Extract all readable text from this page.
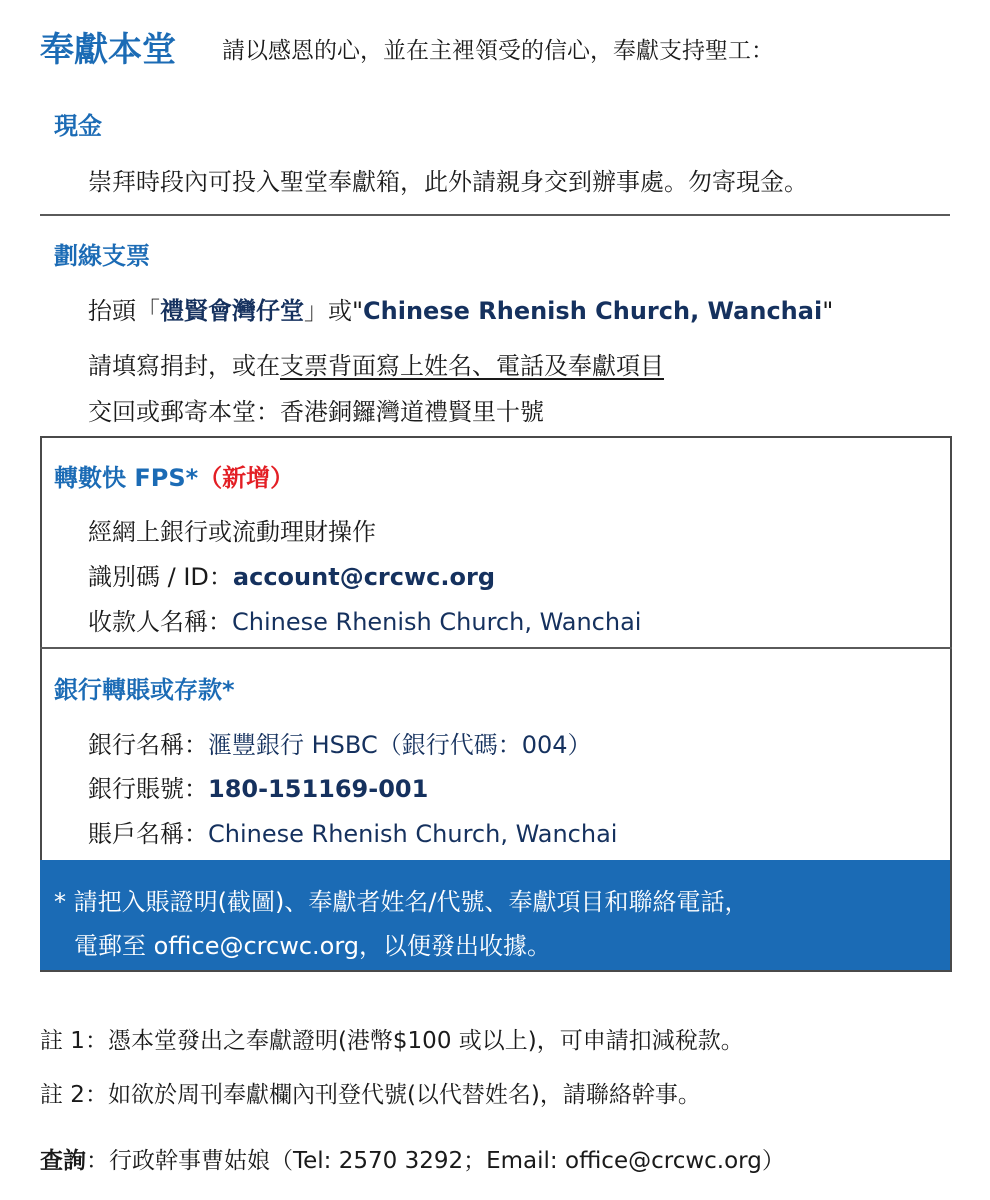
奉獻本堂 請以感恩的心，並在主裡領受的信心，奉獻支持聖工：
現金
崇拜時段內可投入聖堂奉獻箱，此外請親身交到辦事處。勿寄現金。
劃線支票
抬頭「禮賢會灣仔堂」或"Chinese Rhenish Church, Wanchai"
請填寫捐封，或在支票背面寫上姓名、電話及奉獻項目
交回或郵寄本堂：香港銅鑼灣道禮賢里十號
轉數快 FPS*（新增）
經網上銀行或流動理財操作
識別碼 / ID：account@crcwc.org
收款人名稱：Chinese Rhenish Church, Wanchai
銀行轉賬或存款*
銀行名稱：滙豐銀行 HSBC（銀行代碼：004）
銀行賬號：180-151169-001
賬戶名稱：Chinese Rhenish Church, Wanchai
* 請把入賬證明(截圖)、奉獻者姓名/代號、奉獻項目和聯絡電話，
電郵至 office@crcwc.org，以便發出收據。
註 1：憑本堂發出之奉獻證明(港幣$100 或以上)，可申請扣減稅款。
註 2：如欲於周刊奉獻欄內刊登代號(以代替姓名)，請聯絡幹事。
查詢：行政幹事曹姑娘（Tel: 2570 3292；Email: office@crcwc.org）
